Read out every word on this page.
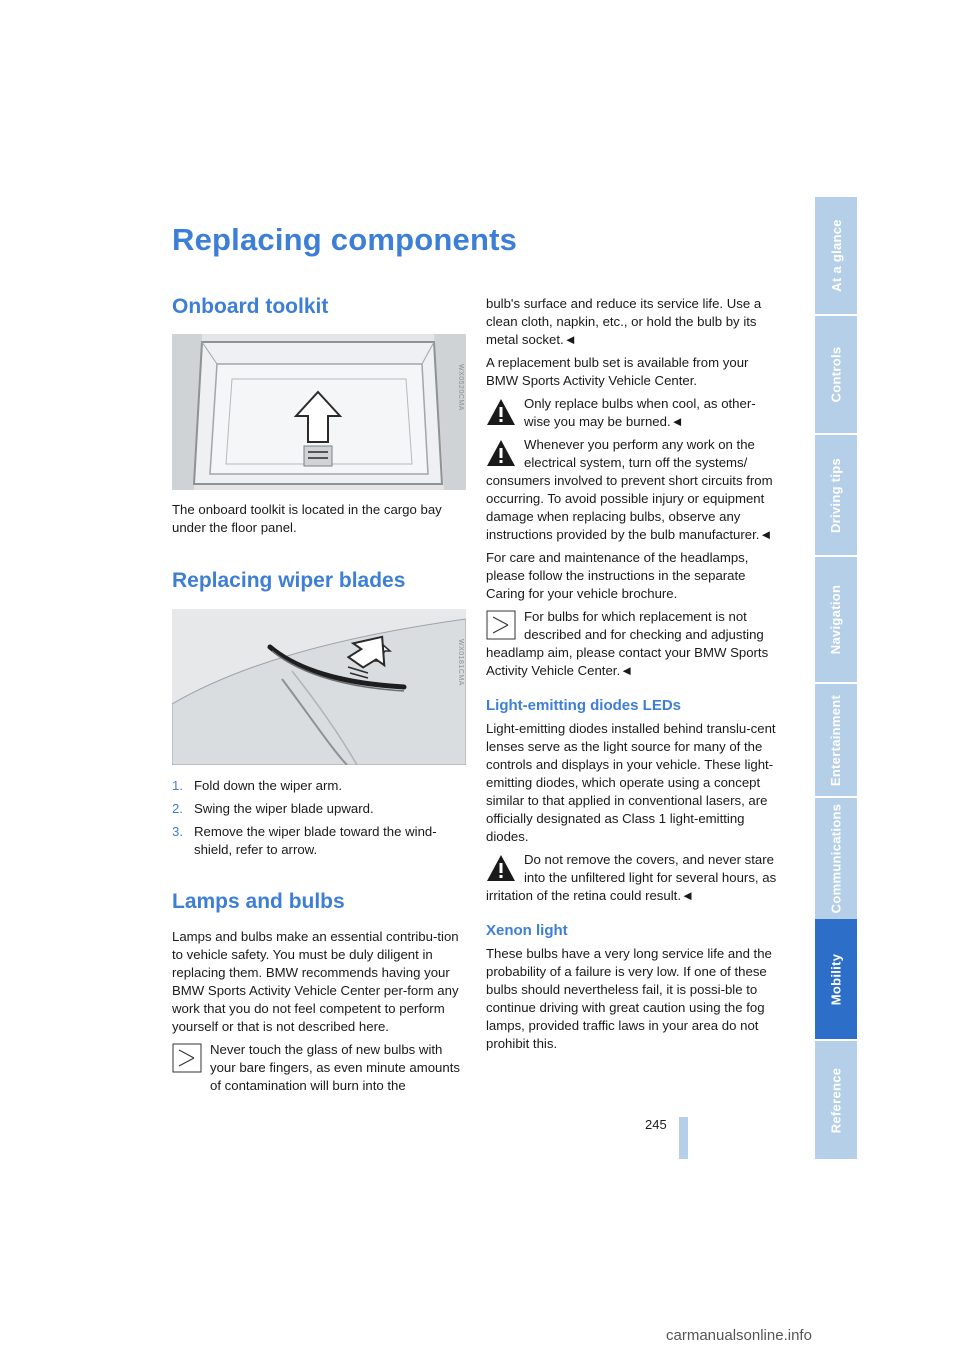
Replacing components
Onboard toolkit
WX0520CMA

The onboard toolkit is located in the cargo bay under the floor panel.

Replacing wiper blades
WX0181CMA
1. Fold down the wiper arm.
2. Swing the wiper blade upward.
3. Remove the wiper blade toward the wind-shield, refer to arrow.
Lamps and bulbs

Lamps and bulbs make an essential contribu-tion to vehicle safety. You must be duly diligent in replacing them. BMW recommends having your BMW Sports Activity Vehicle Center per-form any work that you do not feel competent to perform yourself or that is not described here.

Never touch the glass of new bulbs with your bare fingers, as even minute amounts of contamination will burn into the

bulb's surface and reduce its service life. Use a clean cloth, napkin, etc., or hold the bulb by its metal socket.◄

A replacement bulb set is available from your BMW Sports Activity Vehicle Center.

Only replace bulbs when cool, as other-wise you may be burned.◄

Whenever you perform any work on the electrical system, turn off the systems/ consumers involved to prevent short circuits from occurring. To avoid possible injury or equipment damage when replacing bulbs, observe any instructions provided by the bulb manufacturer.◄

For care and maintenance of the headlamps, please follow the instructions in the separate Caring for your vehicle brochure.

For bulbs for which replacement is not described and for checking and adjusting headlamp aim, please contact your BMW Sports Activity Vehicle Center.◄

Light-emitting diodes LEDs

Light-emitting diodes installed behind translu-cent lenses serve as the light source for many of the controls and displays in your vehicle. These light-emitting diodes, which operate using a concept similar to that applied in conventional lasers, are officially designated as Class 1 light-emitting diodes.

Do not remove the covers, and never stare into the unfiltered light for several hours, as irritation of the retina could result.◄

Xenon light

These bulbs have a very long service life and the probability of a failure is very low. If one of these bulbs should nevertheless fail, it is possi-ble to continue driving with great caution using the fog lamps, provided traffic laws in your area do not prohibit this.

At a glance
Controls
Driving tips
Navigation
Entertainment
Communications
Mobility
Reference
245
carmanualsonline.info
